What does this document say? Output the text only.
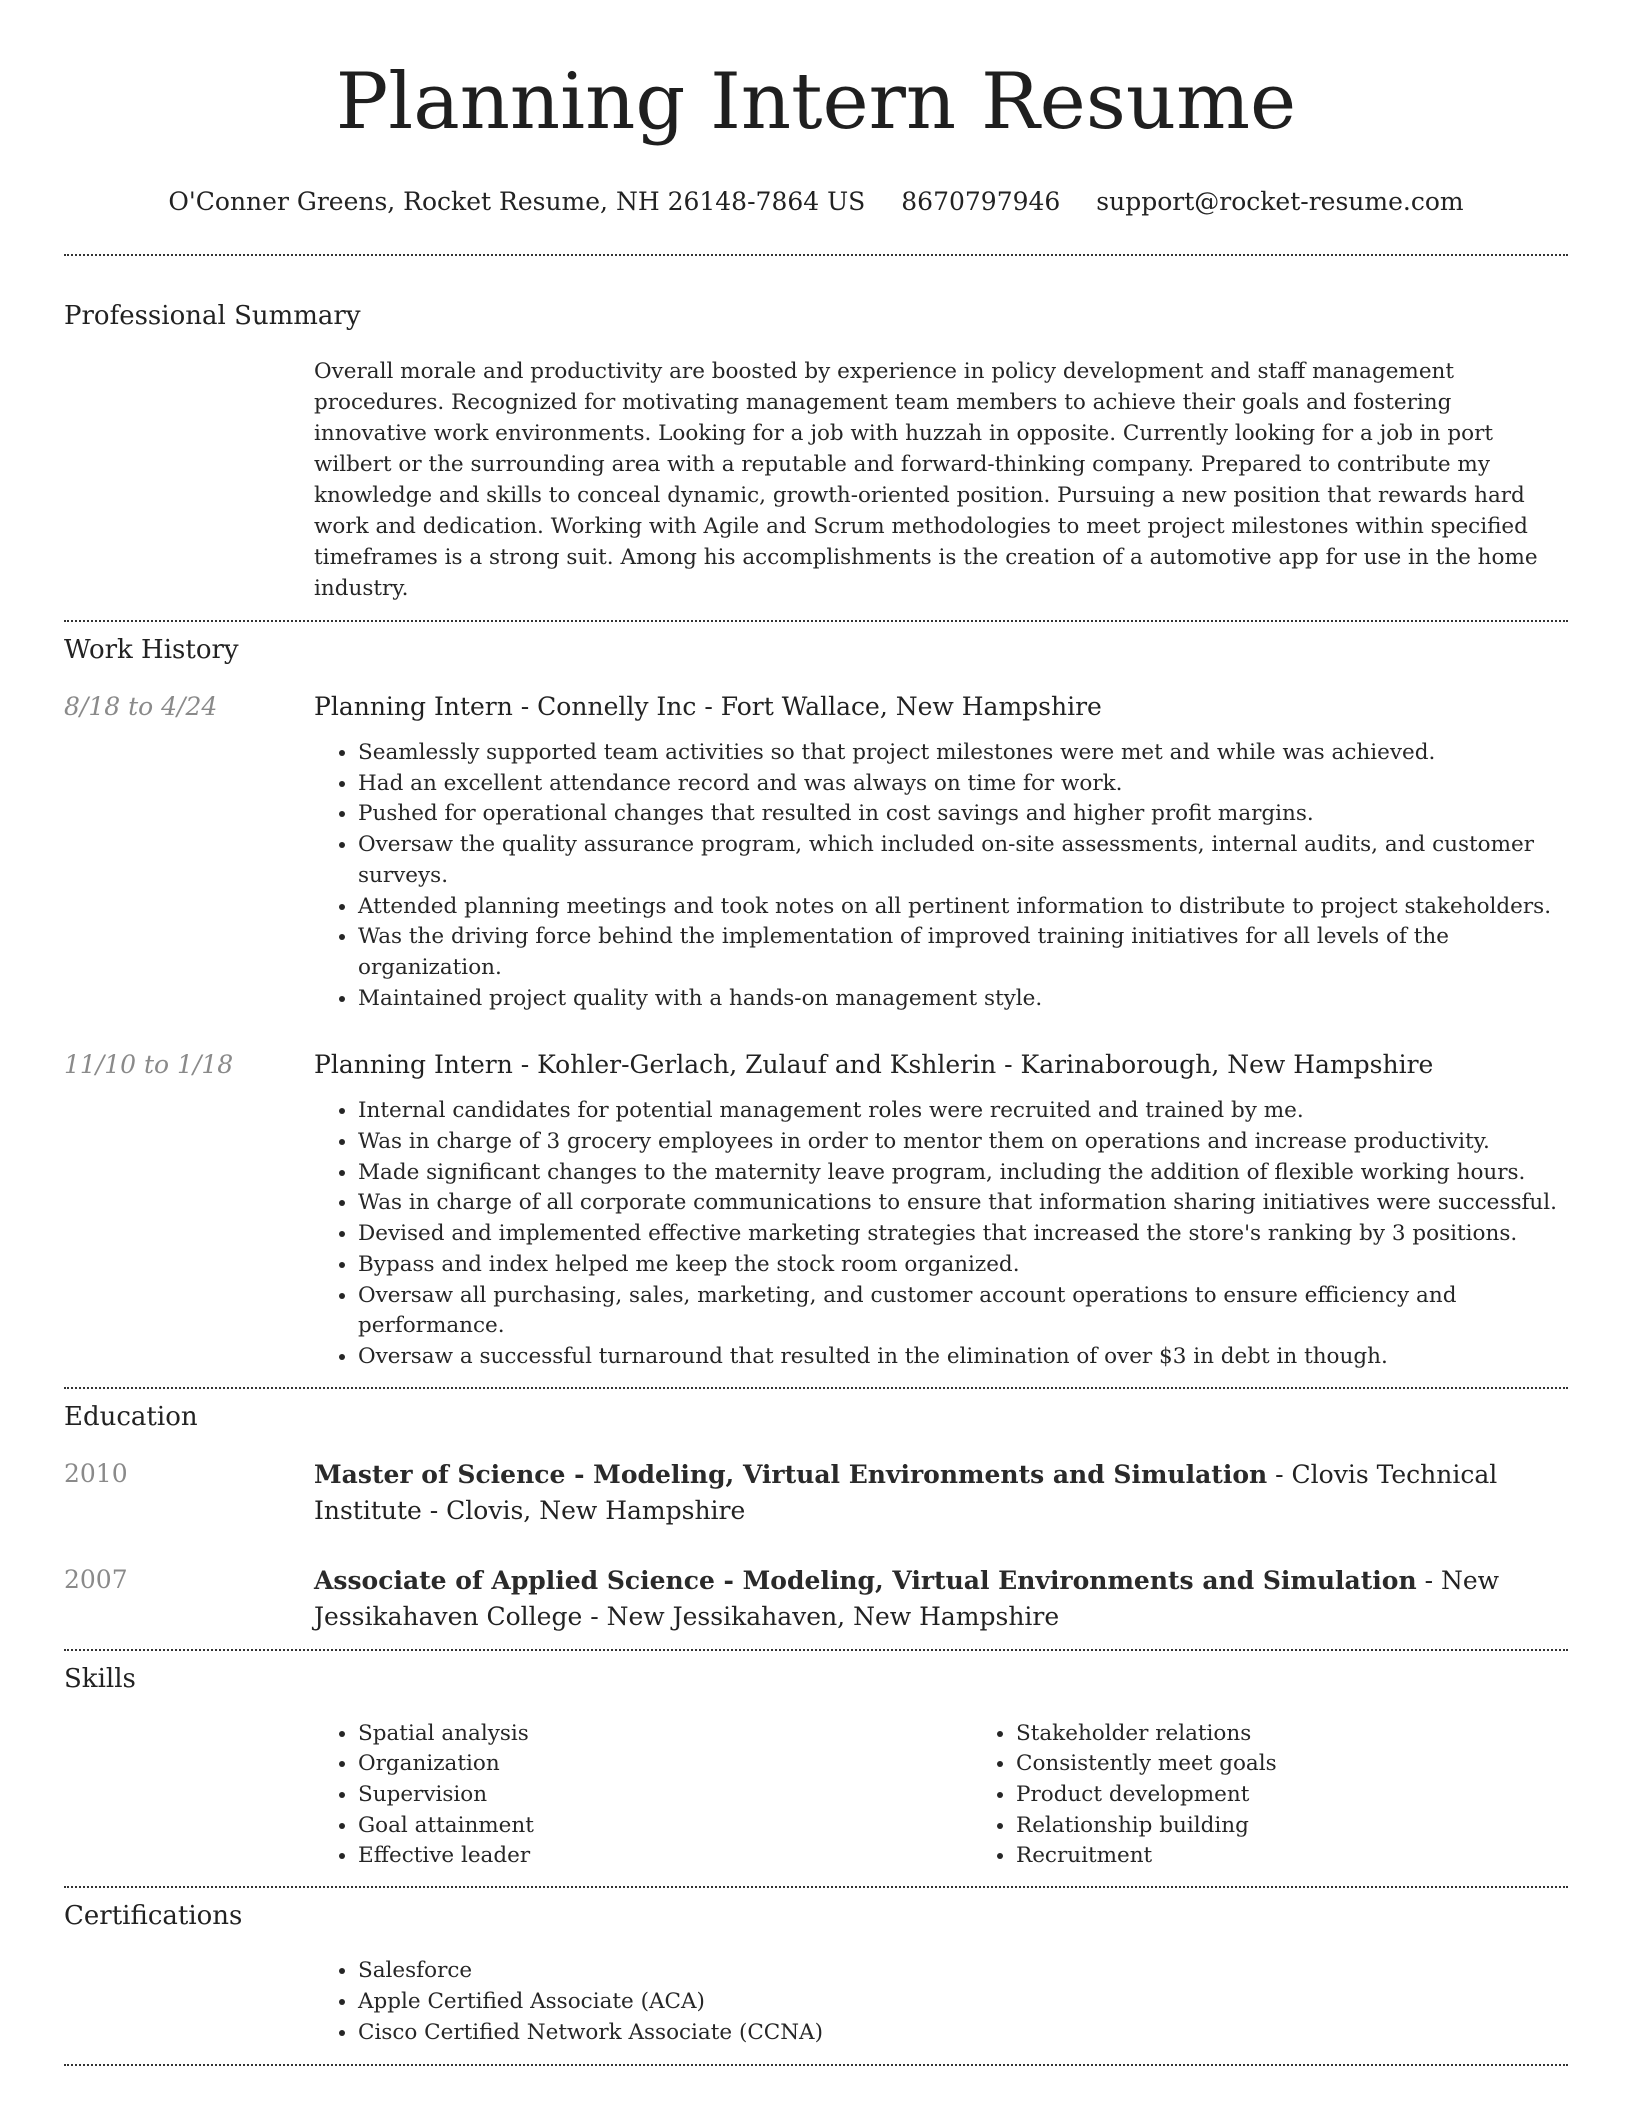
Planning Intern Resume
O'Conner Greens, Rocket Resume, NH 26148-7864 US 8670797946 support@rocket-resume.com
Professional Summary

Overall morale and productivity are boosted by experience in policy development and staff management procedures. Recognized for motivating management team members to achieve their goals and fostering innovative work environments. Looking for a job with huzzah in opposite. Currently looking for a job in port wilbert or the surrounding area with a reputable and forward-thinking company. Prepared to contribute my knowledge and skills to conceal dynamic, growth-oriented position. Pursuing a new position that rewards hard work and dedication. Working with Agile and Scrum methodologies to meet project milestones within specified timeframes is a strong suit. Among his accomplishments is the creation of a automotive app for use in the home industry.

Work History
8/18 to 4/24	Planning Intern - Connelly Inc - Fort Wallace, New Hampshire
• Seamlessly supported team activities so that project milestones were met and while was achieved.
• Had an excellent attendance record and was always on time for work.
• Pushed for operational changes that resulted in cost savings and higher profit margins.
• Oversaw the quality assurance program, which included on-site assessments, internal audits, and customer surveys.
• Attended planning meetings and took notes on all pertinent information to distribute to project stakeholders.
• Was the driving force behind the implementation of improved training initiatives for all levels of the organization.
• Maintained project quality with a hands-on management style.
11/10 to 1/18	Planning Intern - Kohler-Gerlach, Zulauf and Kshlerin - Karinaborough, New Hampshire
• Internal candidates for potential management roles were recruited and trained by me.
• Was in charge of 3 grocery employees in order to mentor them on operations and increase productivity.
• Made significant changes to the maternity leave program, including the addition of flexible working hours.
• Was in charge of all corporate communications to ensure that information sharing initiatives were successful.
• Devised and implemented effective marketing strategies that increased the store's ranking by 3 positions.
• Bypass and index helped me keep the stock room organized.
• Oversaw all purchasing, sales, marketing, and customer account operations to ensure efficiency and performance.
• Oversaw a successful turnaround that resulted in the elimination of over $3 in debt in though.
Education
2010	Master of Science - Modeling, Virtual Environments and Simulation - Clovis Technical Institute - Clovis, New Hampshire
2007	Associate of Applied Science - Modeling, Virtual Environments and Simulation - New Jessikahaven College - New Jessikahaven, New Hampshire
Skills
• Spatial analysis
• Organization
• Supervision
• Goal attainment
• Effective leader
• Stakeholder relations
• Consistently meet goals
• Product development
• Relationship building
• Recruitment
Certifications
• Salesforce
• Apple Certified Associate (ACA)
• Cisco Certified Network Associate (CCNA)
